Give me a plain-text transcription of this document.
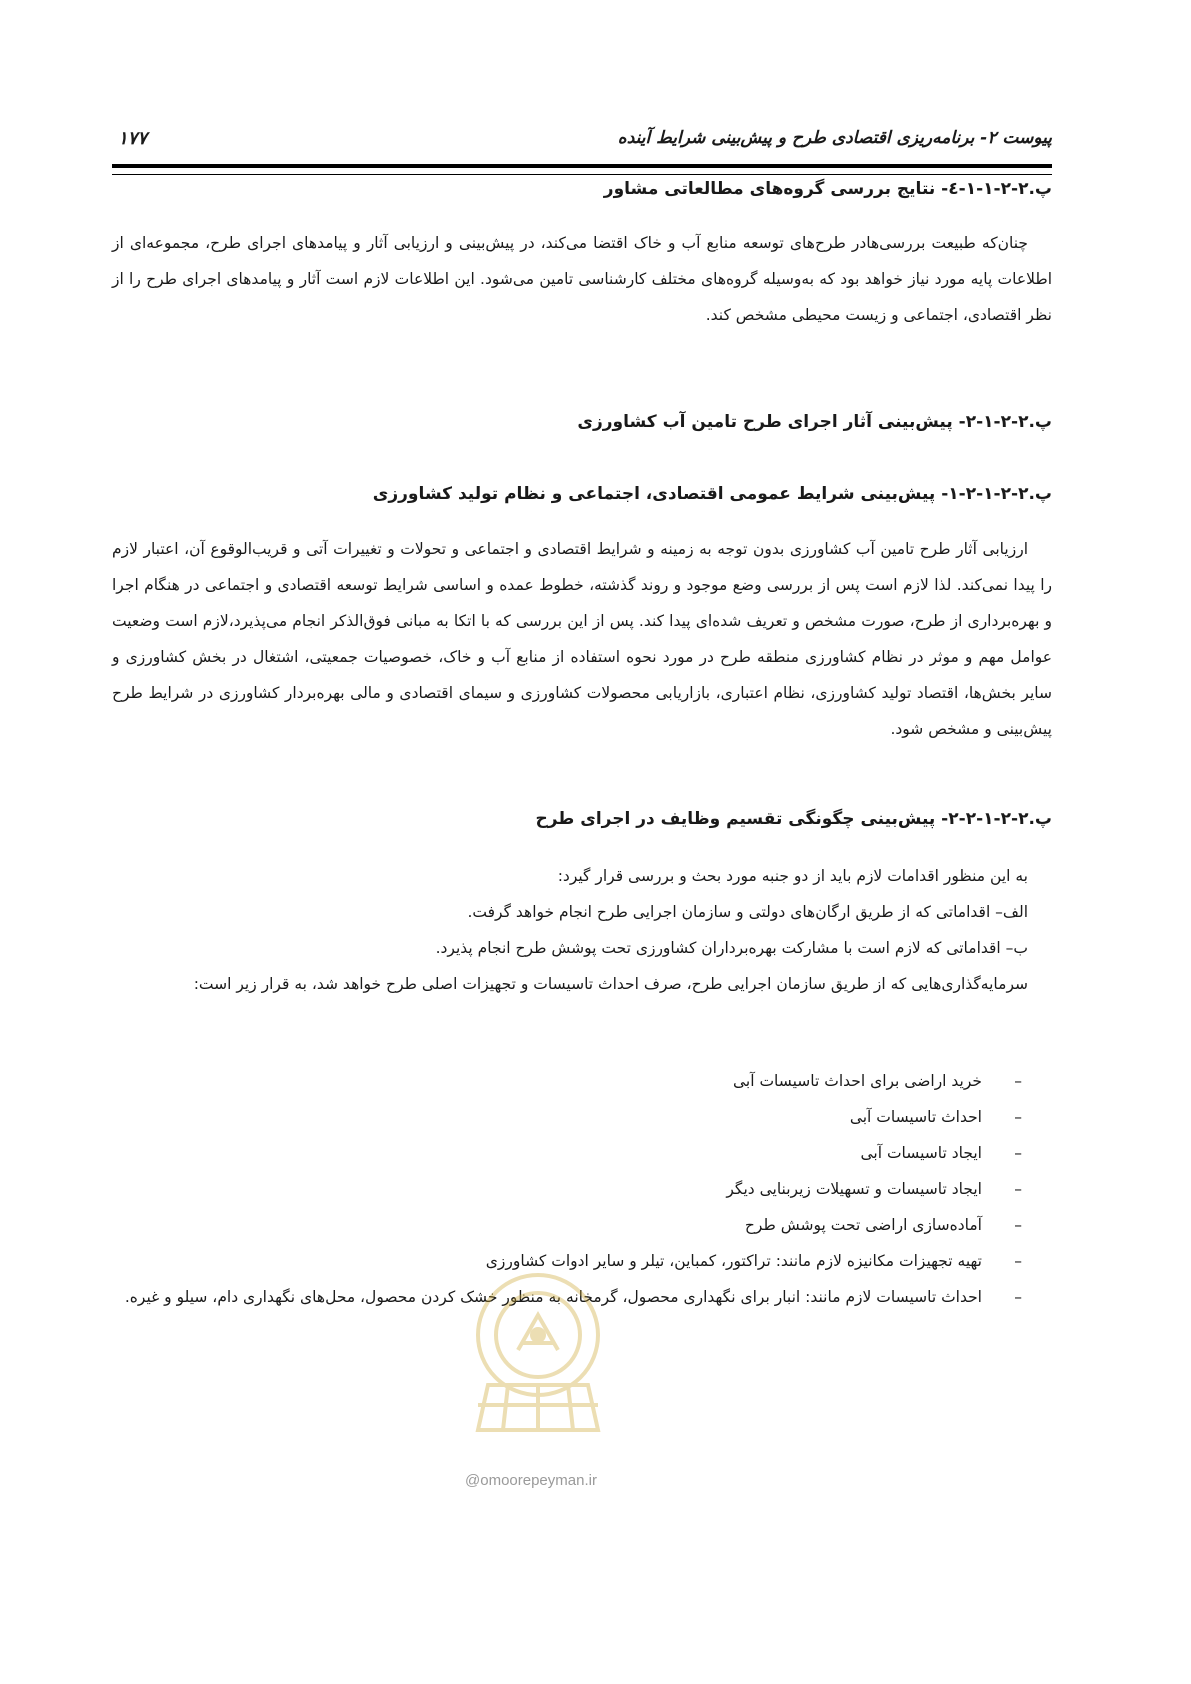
پیوست ۲- برنامه‌ریزی اقتصادی طرح و پیش‌بینی شرایط آینده
۱۷۷
پ.۲-۲-۱-۱-٤- نتایج بررسی گروه‌های مطالعاتی مشاور

چنان‌که طبیعت بررسی‌هادر طرح‌های توسعه منابع آب و خاک اقتضا می‌کند، در پیش‌بینی و ارزیابی آثار و پیامدهای اجرای طرح، مجموعه‌ای از اطلاعات پایه مورد نیاز خواهد بود که به‌وسیله گروه‌های مختلف کارشناسی تامین می‌شود. این اطلاعات لازم است آثار و پیامدهای اجرای طرح را از نظر اقتصادی، اجتماعی و زیست محیطی مشخص کند.

پ.۲-۲-۱-۲- پیش‌بینی آثار اجرای طرح تامین آب کشاورزی
پ.۲-۲-۱-۲-۱- پیش‌بینی شرایط عمومی اقتصادی، اجتماعی و نظام تولید کشاورزی

ارزیابی آثار طرح تامین آب کشاورزی بدون توجه به زمینه و شرایط اقتصادی و اجتماعی و تحولات و تغییرات آتی و قریب‌الوقوع آن، اعتبار لازم را پیدا نمی‌کند. لذا لازم است پس از بررسی وضع موجود و روند گذشته، خطوط عمده و اساسی شرایط توسعه اقتصادی و اجتماعی در هنگام اجرا و بهره‌برداری از طرح، صورت مشخص و تعریف شده‌ای پیدا کند. پس از این بررسی که با اتکا به مبانی فوق‌الذکر انجام می‌پذیرد،لازم است وضعیت عوامل مهم و موثر در نظام کشاورزی منطقه طرح در مورد نحوه استفاده از منابع آب و خاک، خصوصیات جمعیتی، اشتغال در بخش کشاورزی و سایر بخش‌ها، اقتصاد تولید کشاورزی، نظام اعتباری، بازاریابی محصولات کشاورزی و سیمای اقتصادی و مالی بهره‌بردار کشاورزی در شرایط طرح پیش‌بینی و مشخص شود.

پ.۲-۲-۱-۲-۲- پیش‌بینی چگونگی تقسیم وظایف در اجرای طرح
به این منظور اقدامات لازم باید از دو جنبه مورد بحث و بررسی قرار گیرد:
الف– اقداماتی که از طریق ارگان‌های دولتی و سازمان اجرایی طرح انجام خواهد گرفت.
ب– اقداماتی که لازم است با مشارکت بهره‌برداران کشاورزی تحت پوشش طرح انجام پذیرد.

سرمایه‌گذاری‌هایی که از طریق سازمان اجرایی طرح، صرف احداث تاسیسات و تجهیزات اصلی طرح خواهد شد، به قرار زیر است:

–
خرید اراضی برای احداث تاسیسات آبی
–
احداث تاسیسات آبی
–
ایجاد تاسیسات آبی
–
ایجاد تاسیسات و تسهیلات زیربنایی دیگر
–
آماده‌سازی اراضی تحت پوشش طرح
–
تهیه تجهیزات مکانیزه لازم مانند: تراکتور، کمباین، تیلر و سایر ادوات کشاورزی
–
احداث تاسیسات لازم مانند: انبار برای نگهداری محصول، گرمخانه به منظور خشک کردن محصول، محل‌های نگهداری دام، سیلو و غیره.
@omoorepeyman.ir
